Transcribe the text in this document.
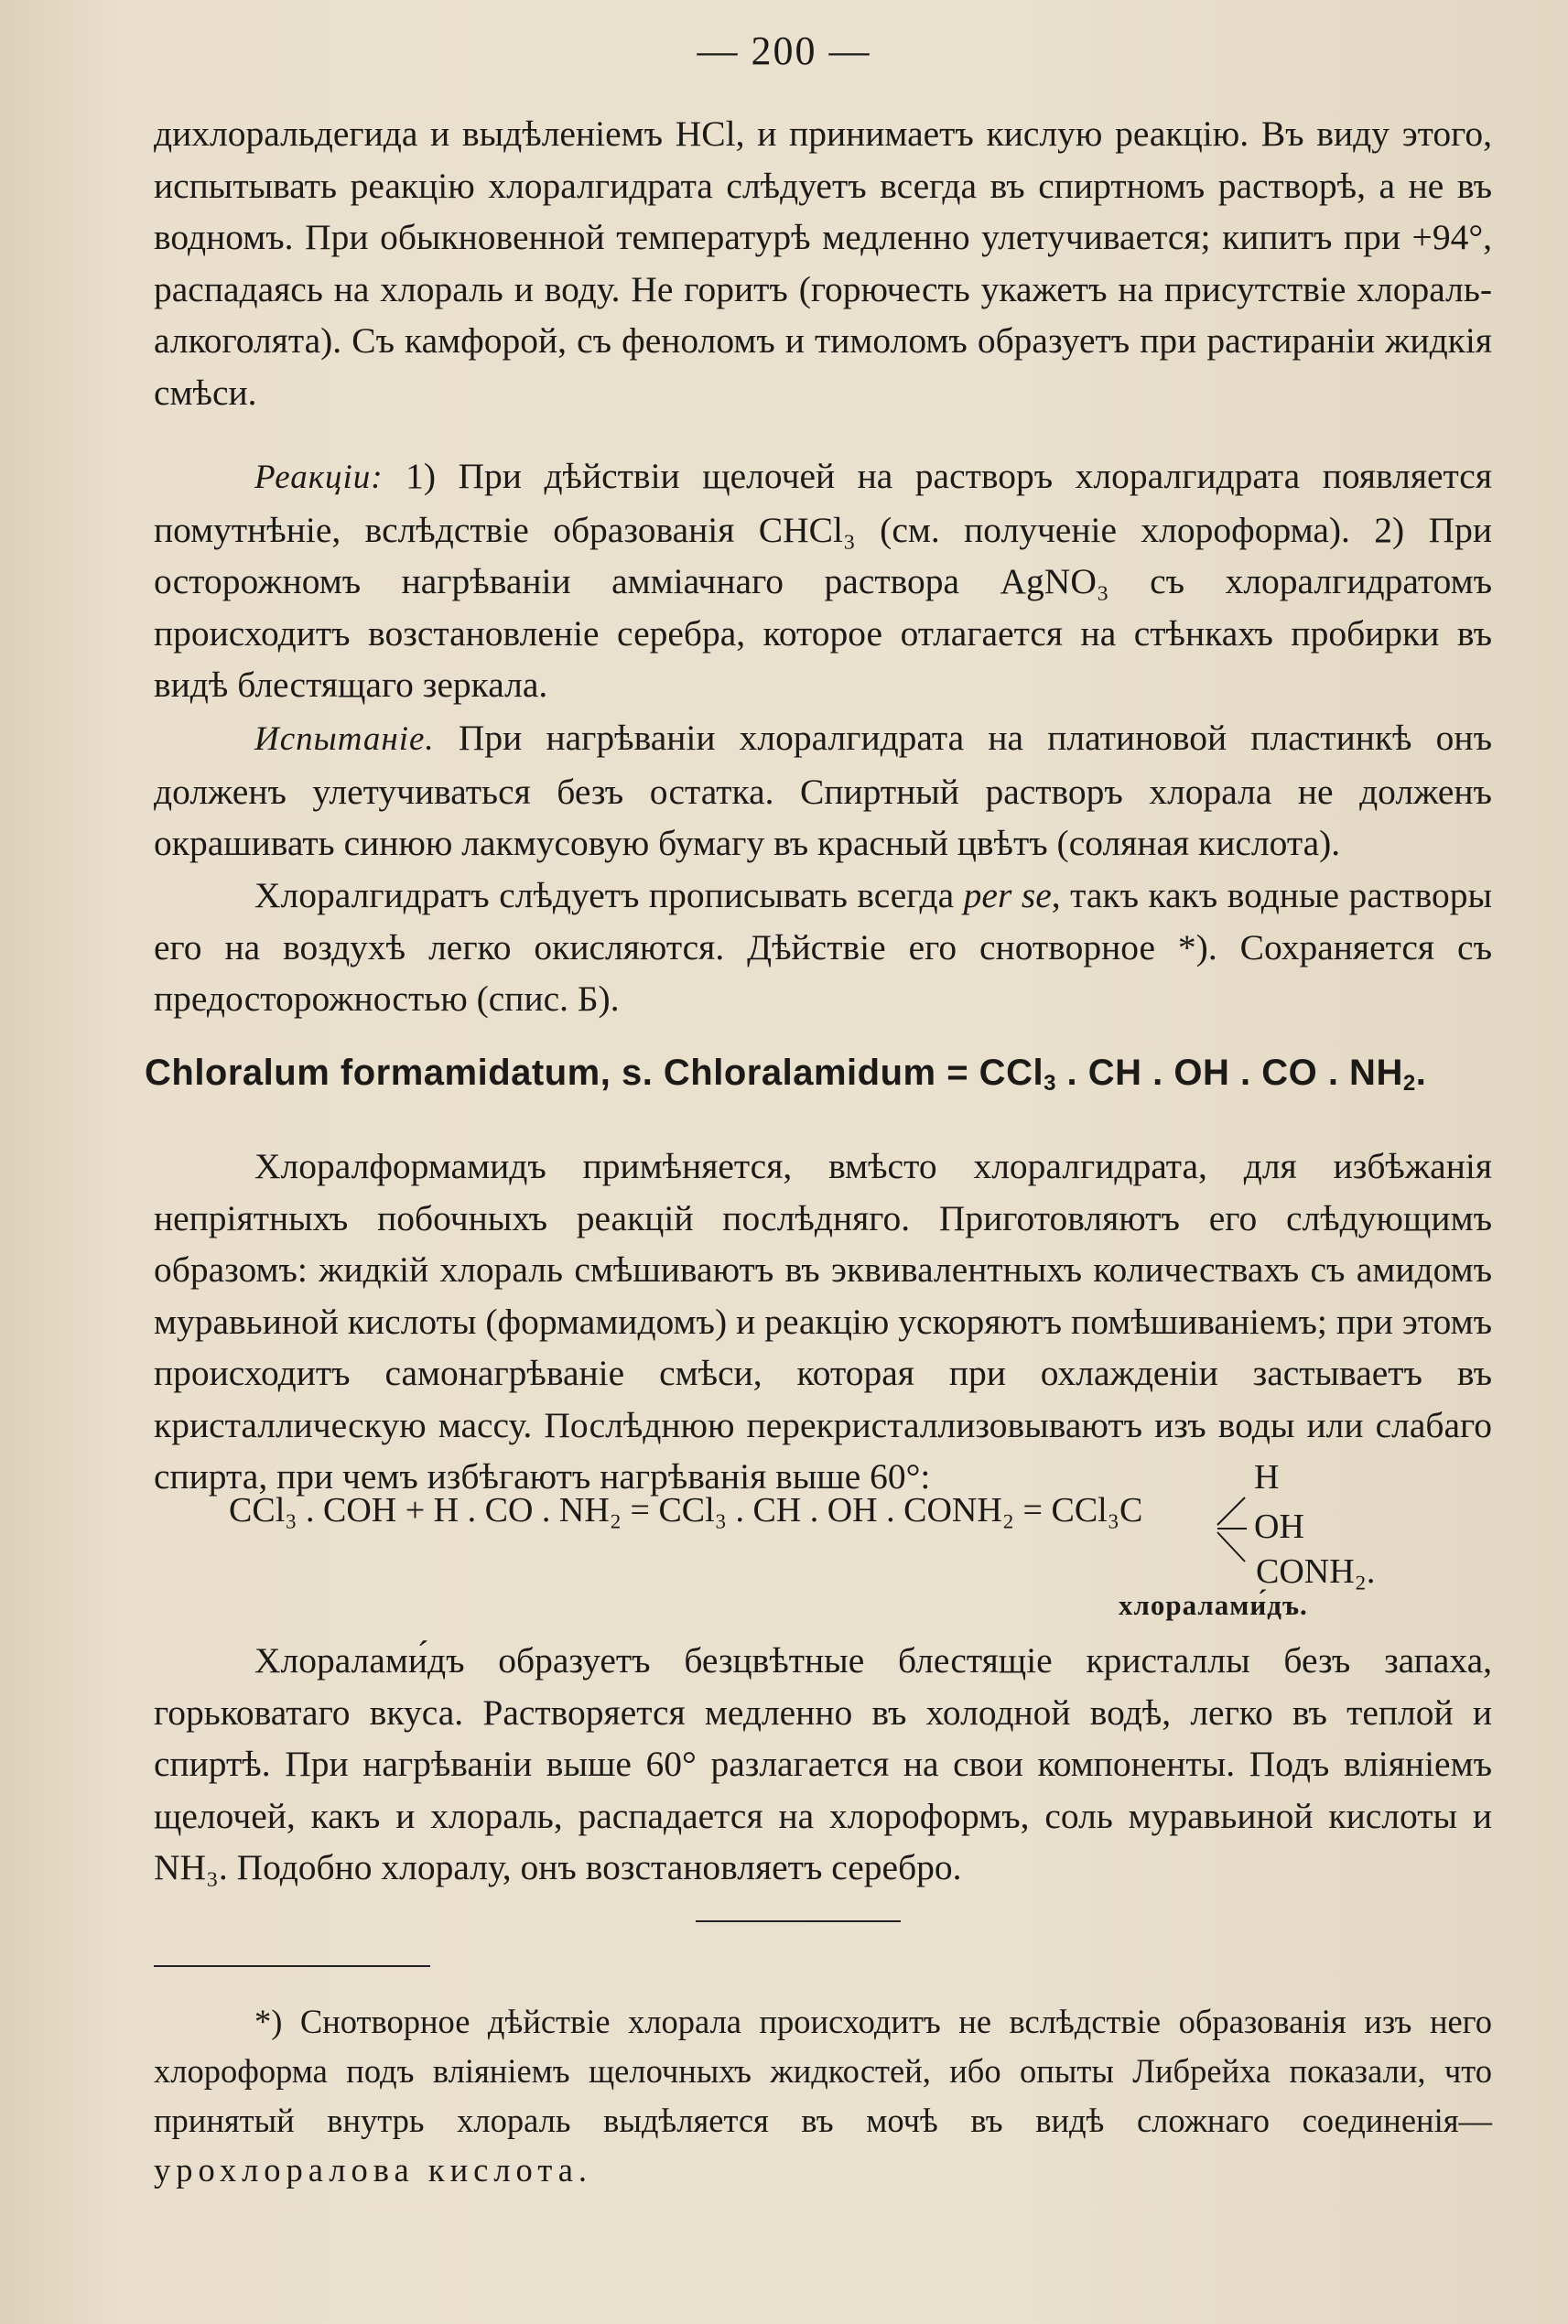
— 200 —

дихлоральдегида и выдѣленіемъ HCl, и принимаетъ кислую реакцію. Въ виду этого, испытывать реакцію хлоралгидрата слѣдуетъ всегда въ спиртномъ растворѣ, а не въ водномъ. При обыкновенной температурѣ медленно улетучивается; кипитъ при +94°, распадаясь на хлораль и воду. Не горитъ (горючесть укажетъ на присутствіе хлораль-алкоголята). Съ камфорой, съ феноломъ и тимоломъ образуетъ при растираніи жидкія смѣси.

Реакціи: 1) При дѣйствіи щелочей на растворъ хлоралгидрата появляется помутнѣніе, вслѣдствіе образованія CHCl₃ (см. полученіе хлороформа). 2) При осторожномъ нагрѣваніи амміачнаго раствора AgNO₃ съ хлоралгидратомъ происходитъ возстановленіе серебра, которое отлагается на стѣнкахъ пробирки въ видѣ блестящаго зеркала.

Испытаніе. При нагрѣваніи хлоралгидрата на платиновой пластинкѣ онъ долженъ улетучиваться безъ остатка. Спиртный растворъ хлорала не долженъ окрашивать синюю лакмусовую бумагу въ красный цвѣтъ (соляная кислота).

Хлоралгидратъ слѣдуетъ прописывать всегда per se, такъ какъ водные растворы его на воздухѣ легко окисляются. Дѣйствіе его снотворное *). Сохраняется съ предосторожностью (спис. Б).

Chloralum formamidatum, s. Chloralamidum = CCl$_3$ . CH . OH . CO . $NH_2$.

Хлоралформамидъ примѣняется, вмѣсто хлоралгидрата, для избѣжанія непріятныхъ побочныхъ реакцій послѣдняго. Приготовляютъ его слѣдующимъ образомъ: жидкій хлораль смѣшиваютъ въ эквивалентныхъ количествахъ съ амидомъ муравьиной кислоты (формамидомъ) и реакцію ускоряютъ помѣшиваніемъ; при этомъ происходитъ самонагрѣваніе смѣси, которая при охлажденіи застываетъ въ кристаллическую массу. Послѣднюю перекристаллизовываютъ изъ воды или слабаго спирта, при чемъ избѣгаютъ нагрѣванія выше 60°:

CCl₃ . COH + H . CO . NH₂ = CCl₃ . CH . OH . CONH₂ = CCl₃C
H
OH
CONH₂.
хлоралами́дъ.

Хлоралами́дъ образуетъ безцвѣтные блестящіе кристаллы безъ запаха, горьковатаго вкуса. Растворяется медленно въ холодной водѣ, легко въ теплой и спиртѣ. При нагрѣваніи выше 60° разлагается на свои компоненты. Подъ вліяніемъ щелочей, какъ и хлораль, распадается на хлороформъ, соль муравьиной кислоты и NH₃. Подобно хлоралу, онъ возстановляетъ серебро.

*) Снотворное дѣйствіе хлорала происходитъ не вслѣдствіе образованія изъ него хлороформа подъ вліяніемъ щелочныхъ жидкостей, ибо опыты Либрейха показали, что принятый внутрь хлораль выдѣляется въ мочѣ въ видѣ сложнаго соединенія—урохлоралова кислота.
